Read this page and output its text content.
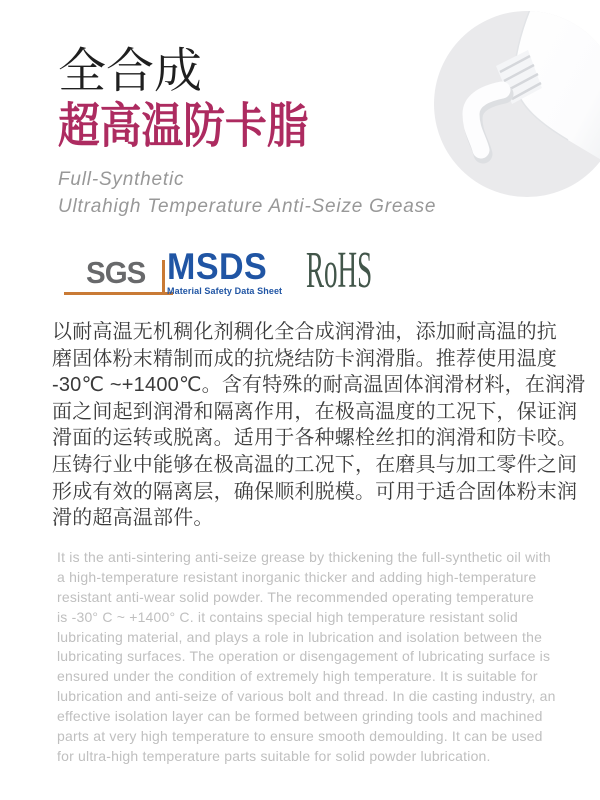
全合成
超高温防卡脂
Full-Synthetic
Ultrahigh Temperature Anti-Seize Grease
SGS MSDS
Material Safety Data Sheet RoHS
以耐高温无机稠化剂稠化全合成润滑油，添加耐高温的抗
磨固体粉末精制而成的抗烧结防卡润滑脂。推荐使用温度
-30℃ ~+1400℃。含有特殊的耐高温固体润滑材料，在润滑
面之间起到润滑和隔离作用，在极高温度的工况下，保证润
滑面的运转或脱离。适用于各种螺栓丝扣的润滑和防卡咬。
压铸行业中能够在极高温的工况下，在磨具与加工零件之间
形成有效的隔离层，确保顺利脱模。可用于适合固体粉末润
滑的超高温部件。
It is the anti-sintering anti-seize grease by thickening the full-synthetic oil with
a high-temperature resistant inorganic thicker and adding high-temperature
resistant anti-wear solid powder. The recommended operating temperature
is -30° C ~ +1400° C. it contains special high temperature resistant solid
lubricating material, and plays a role in lubrication and isolation between the
lubricating surfaces. The operation or disengagement of lubricating surface is
ensured under the condition of extremely high temperature. It is suitable for
lubrication and anti-seize of various bolt and thread. In die casting industry, an
effective isolation layer can be formed between grinding tools and machined
parts at very high temperature to ensure smooth demoulding. It can be used
for ultra-high temperature parts suitable for solid powder lubrication.
